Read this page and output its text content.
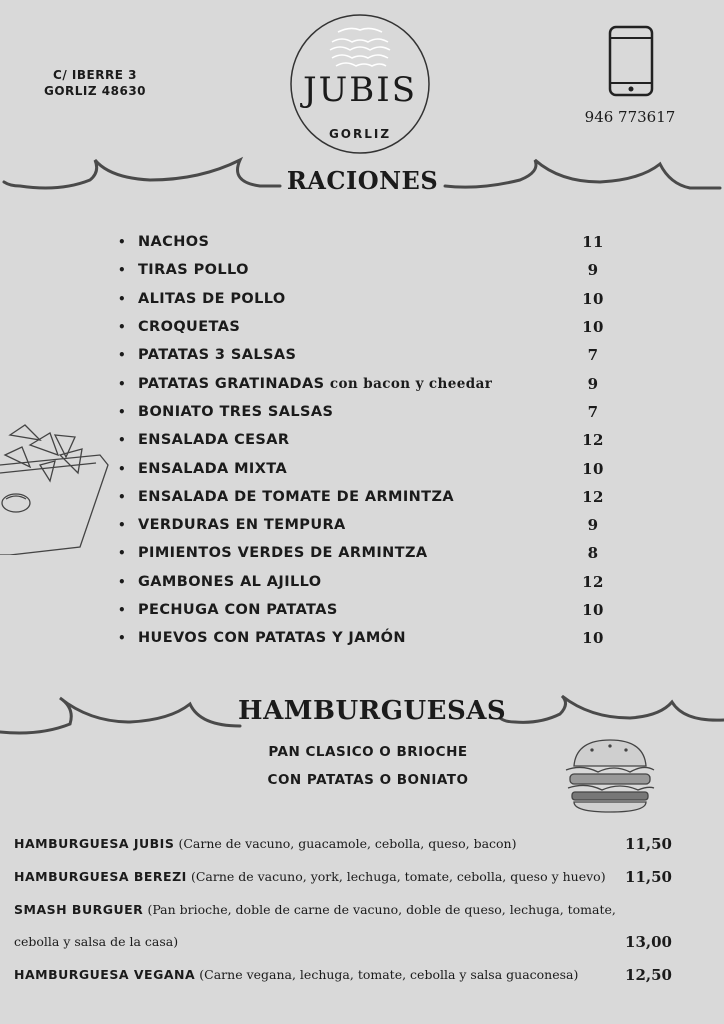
C/ IBERRE 3
GORLIZ 48630	JUBIS
GORLIZ
946 773617
RACIONES
• NACHOS	11
• TIRAS POLLO	9
• ALITAS DE POLLO	10
• CROQUETAS	10
• PATATAS 3 SALSAS	7
• PATATAS GRATINADAS con bacon y cheedar	9
• BONIATO TRES SALSAS	7
• ENSALADA CESAR	12
• ENSALADA MIXTA	10
• ENSALADA DE TOMATE DE ARMINTZA	12
• VERDURAS EN TEMPURA	9
• PIMIENTOS VERDES DE ARMINTZA	8
• GAMBONES AL AJILLO	12
• PECHUGA CON PATATAS	10
• HUEVOS CON PATATAS Y JAMÓN	10
HAMBURGUESAS
PAN CLASICO O BRIOCHE
CON PATATAS O BONIATO
HAMBURGUESA JUBIS (Carne de vacuno, guacamole, cebolla, queso, bacon)	11,50
HAMBURGUESA BEREZI (Carne de vacuno, york, lechuga, tomate, cebolla, queso y huevo)	11,50
SMASH BURGUER (Pan brioche, doble de carne de vacuno, doble de queso, lechuga, tomate,
cebolla y salsa de la casa)	13,00
HAMBURGUESA VEGANA (Carne vegana, lechuga, tomate, cebolla y salsa guaconesa)	12,50
